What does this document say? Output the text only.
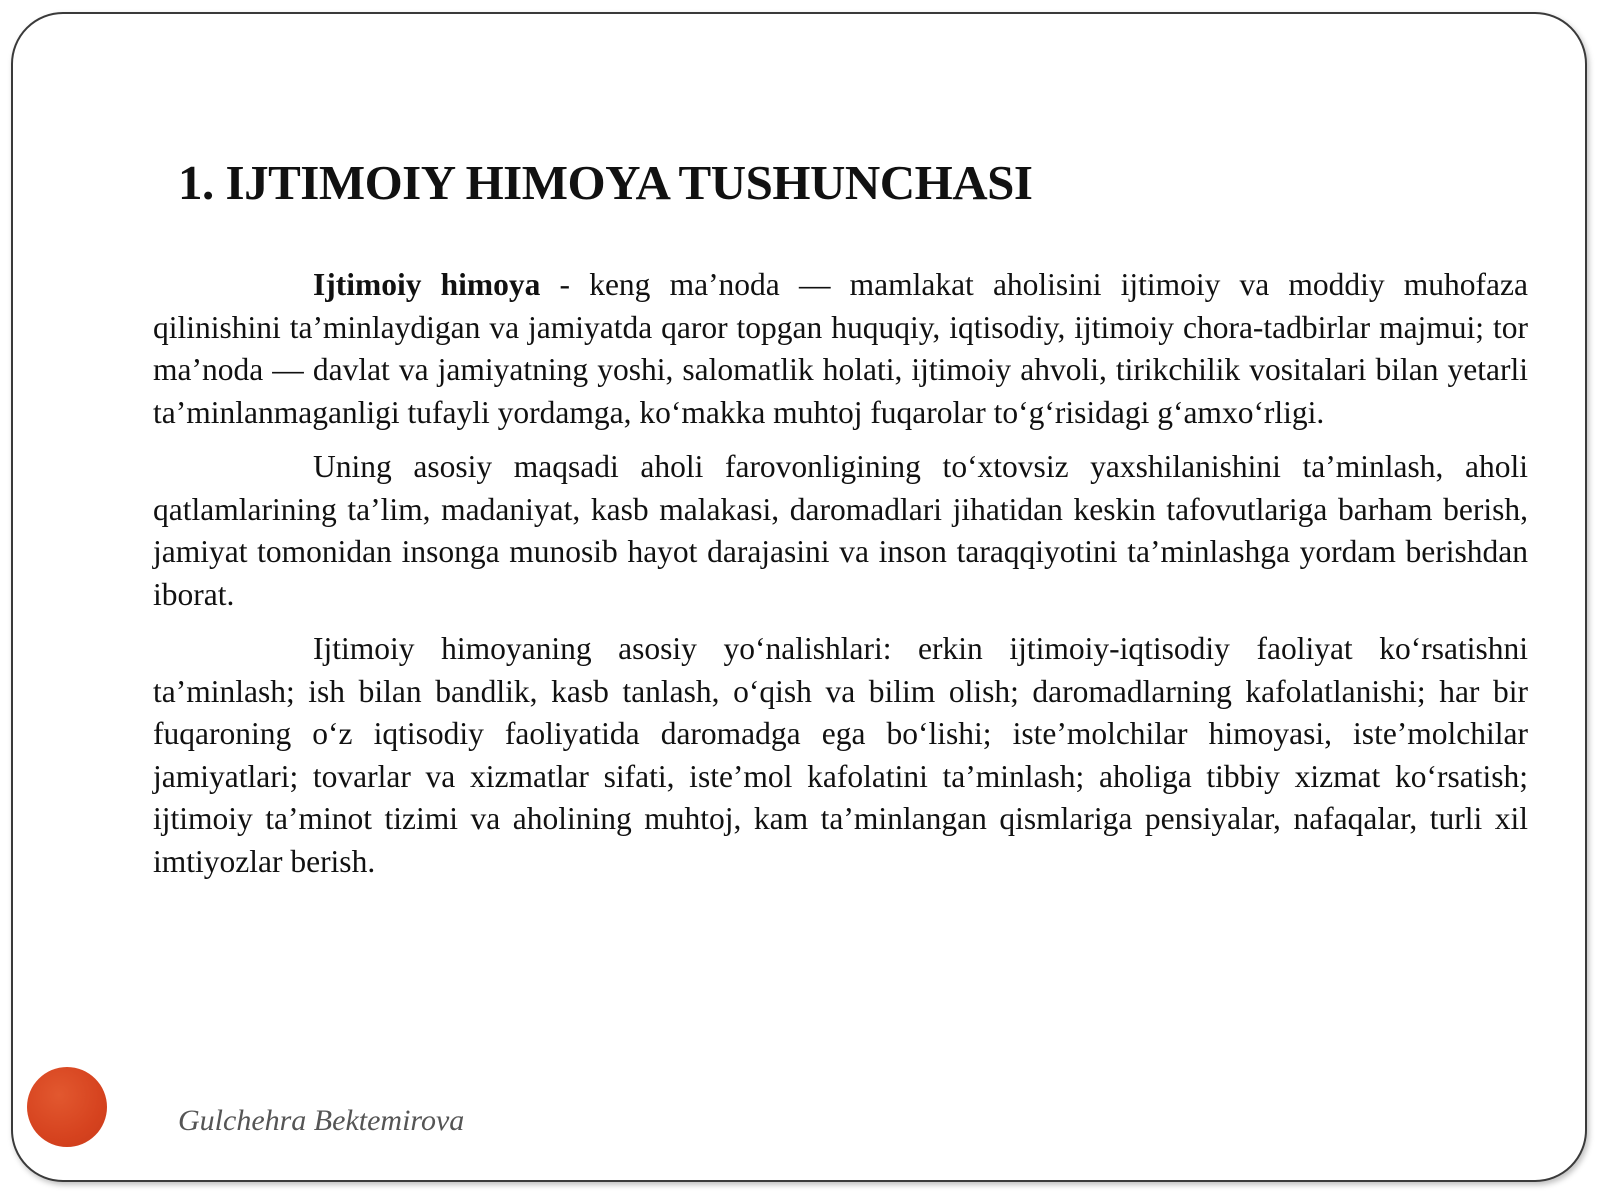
1. IJTIMOIY HIMOYA TUSHUNCHASI

Ijtimoiy himoya - keng ma’noda — mamlakat aholisini ijtimoiy va moddiy muhofaza qilinishini ta’minlaydigan va jamiyatda qaror topgan huquqiy, iqtisodiy, ijtimoiy chora-tadbirlar majmui; tor ma’noda — davlat va jamiyatning yoshi, salomatlik holati, ijtimoiy ahvoli, tirikchilik vositalari bilan yetarli ta’minlanmaganligi tufayli yordamga, ko‘makka muhtoj fuqarolar to‘g‘risidagi g‘amxo‘rligi.

Uning asosiy maqsadi aholi farovonligining to‘xtovsiz yaxshilanishini ta’minlash, aholi qatlamlarining ta’lim, madaniyat, kasb malakasi, daromadlari jihatidan keskin tafovutlariga barham berish, jamiyat tomonidan insonga munosib hayot darajasini va inson taraqqiyotini ta’minlashga yordam berishdan iborat.

Ijtimoiy himoyaning asosiy yo‘nalishlari: erkin ijtimoiy-iqtisodiy faoliyat ko‘rsatishni ta’minlash; ish bilan bandlik, kasb tanlash, o‘qish va bilim olish; daromadlarning kafolatlanishi; har bir fuqaroning o‘z iqtisodiy faoliyatida daromadga ega bo‘lishi; iste’molchilar himoyasi, iste’molchilar jamiyatlari; tovarlar va xizmatlar sifati, iste’mol kafolatini ta’minlash; aholiga tibbiy xizmat ko‘rsatish; ijtimoiy ta’minot tizimi va aholining muhtoj, kam ta’minlangan qismlariga pensiyalar, nafaqalar, turli xil imtiyozlar berish.

Gulchehra Bektemirova
